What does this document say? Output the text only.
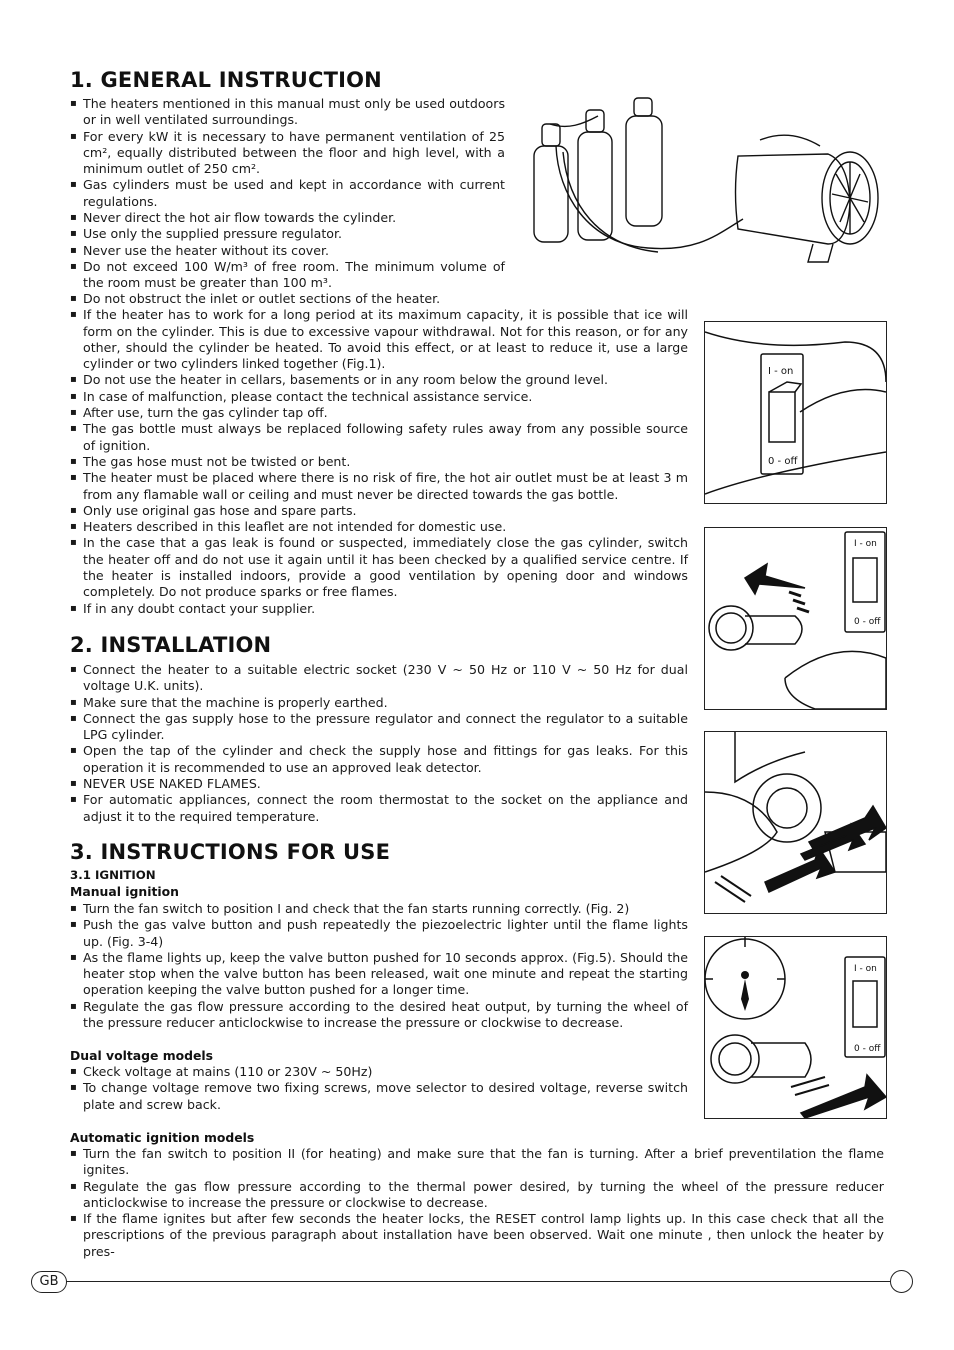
1. GENERAL INSTRUCTION
▪ The heaters mentioned in this manual must only be used outdoors or in well ventilated surroundings.
▪ For every kW it is necessary to have permanent ventilation of 25 cm², equally distributed between the floor and high level, with a minimum outlet of 250 cm².
▪ Gas cylinders must be used and kept in accordance with current regulations.
▪ Never direct the hot air flow towards the cylinder.
▪ Use only the supplied pressure regulator.
▪ Never use the heater without its cover.
▪ Do not exceed 100 W/m³ of free room. The minimum volume of the room must be greater than 100 m³.
▪ Do not obstruct the inlet or outlet sections of the heater.
▪ If the heater has to work for a long period at its maximum capacity, it is possible that ice will form on the cylinder. This is due to excessive vapour withdrawal. Not for this reason, or for any other, should the cylinder be heated. To avoid this effect, or at least to reduce it, use a large cylinder or two cylinders linked together (Fig.1).
▪ Do not use the heater in cellars, basements or in any room below the ground level.
▪ In case of malfunction, please contact the technical assistance service.
▪ After use, turn the gas cylinder tap off.
▪ The gas bottle must always be replaced following safety rules away from any possible source of ignition.
▪ The gas hose must not be twisted or bent.
▪ The heater must be placed where there is no risk of fire, the hot air outlet must be at least 3 m from any flamable wall or ceiling and must never be directed towards the gas bottle.
▪ Only use original gas hose and spare parts.
▪ Heaters described in this leaflet are not intended for domestic use.
▪ In the case that a gas leak is found or suspected, immediately close the gas cylinder, switch the heater off and do not use it again until it has been checked by a qualified service centre. If the heater is installed indoors, provide a good ventilation by opening door and windows completely. Do not produce sparks or free flames.
▪ If in any doubt contact your supplier.
I - on
0 - off
2. INSTALLATION
▪ Connect the heater to a suitable electric socket (230 V ~ 50 Hz or 110 V ~ 50 Hz for dual voltage U.K. units).
▪ Make sure that the machine is properly earthed.
▪ Connect the gas supply hose to the pressure regulator and connect the regulator to a suitable LPG cylinder.
▪ Open the tap of the cylinder and check the supply hose and fittings for gas leaks. For this operation it is recommended to use an approved leak detector.
▪ NEVER USE NAKED FLAMES.
▪ For automatic appliances, connect the room thermostat to the socket on the appliance and adjust it to the required temperature.
I - on
0 - off
3. INSTRUCTIONS FOR USE
3.1 IGNITION
Manual ignition
▪ Turn the fan switch to position I and check that the fan starts running correctly. (Fig. 2)
▪ Push the gas valve button and push repeatedly the piezoelectric lighter until the flame lights up. (Fig. 3-4)
▪ As the flame lights up, keep the valve button pushed for 10 seconds approx. (Fig.5). Should the heater stop when the valve button has been released, wait one minute and repeat the starting operation keeping the valve button pushed for a longer time.
▪ Regulate the gas flow pressure according to the desired heat output, by turning the wheel of the pressure reducer anticlockwise to increase the pressure or clockwise to decrease.
Dual voltage models
▪ Ckeck voltage at mains (110 or 230V ~ 50Hz)
▪ To change voltage remove two fixing screws, move selector to desired voltage, reverse switch plate and screw back.
Automatic ignition models
▪ Turn the fan switch to position II (for heating) and make sure that the fan is turning. After a brief preventilation the flame ignites.
▪ Regulate the gas flow pressure according to the thermal power desired, by turning the wheel of the pressure reducer anticlockwise to increase the pressure or clockwise to decrease.
▪ If the flame ignites but after few seconds the heater locks, the RESET control lamp lights up. In this case check that all the prescriptions of the previous paragraph about installation have been observed. Wait one minute , then unlock the heater by pres-
I - on
0 - off
GB
